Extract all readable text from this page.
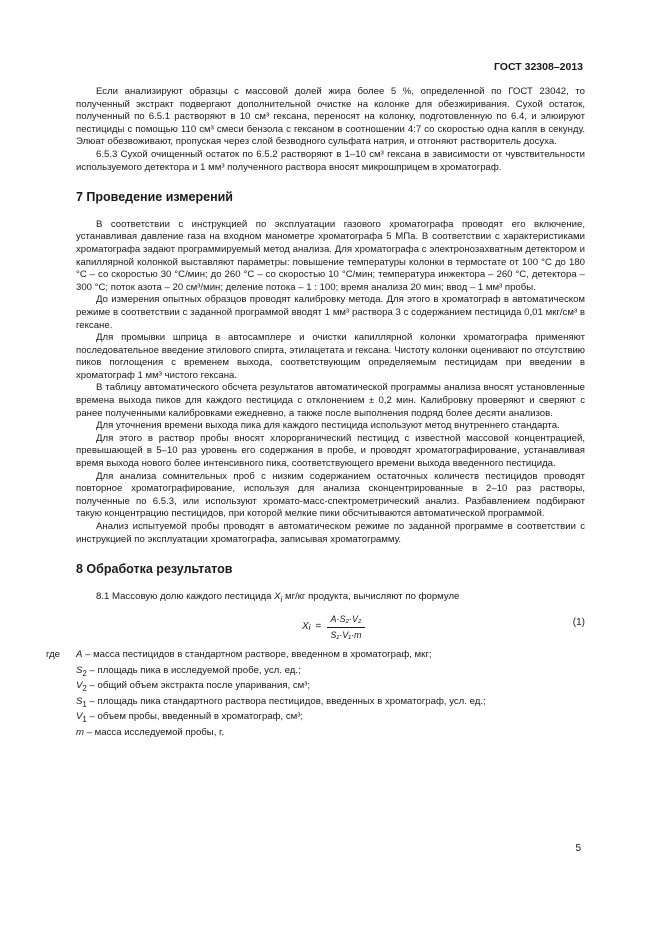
ГОСТ 32308–2013

Если анализируют образцы с массовой долей жира более 5 %, определенной по ГОСТ 23042, то полученный экстракт подвергают дополнительной очистке на колонке для обезжиривания. Сухой остаток, полученный по 6.5.1 растворяют в 10 см³ гексана, переносят на колонку, подготовленную по 6.4, и элюируют пестициды с помощью 110 см³ смеси бензола с гексаном в соотношении 4:7 со скоростью одна капля в секунду. Элюат обезвоживают, пропуская через слой безводного сульфата натрия, и отгоняют растворитель досуха.

6.5.3 Сухой очищенный остаток по 6.5.2 растворяют в 1–10 см³ гексана в зависимости от чувствительности используемого детектора и 1 мм³ полученного раствора вносят микрошприцем в хроматограф.

7 Проведение измерений

В соответствии с инструкцией по эксплуатации газового хроматографа проводят его включение, устанавливая давление газа на входном манометре хроматографа 5 МПа. В соответствии с характеристиками хроматографа задают программируемый метод анализа. Для хроматографа с электронозахватным детектором и капиллярной колонкой выставляют параметры: повышение температуры колонки в термостате от 100 °С до 180 °С – со скоростью 30 °С/мин; до 260 °С – со скоростью 10 °С/мин; температура инжектора – 260 °С, детектора – 300 °С; поток азота – 20 см³/мин; деление потока – 1 : 100; время анализа 20 мин; ввод – 1 мм³ пробы.

До измерения опытных образцов проводят калибровку метода. Для этого в хроматограф в автоматическом режиме в соответствии с заданной программой вводят 1 мм³ раствора 3 с содержанием пестицида 0,01 мкг/см³ в гексане.

Для промывки шприца в автосамплере и очистки капиллярной колонки хроматографа применяют последовательное введение этилового спирта, этилацетата и гексана. Чистоту колонки оценивают по отсутствию пиков поглощения с временем выхода, соответствующим определяемым пестицидам при введении в хроматограф 1 мм³ чистого гексана.

В таблицу автоматического обсчета результатов автоматической программы анализа вносят установленные времена выхода пиков для каждого пестицида с отклонением ± 0,2 мин. Калибровку проверяют и сверяют с ранее полученными калибровками ежедневно, а также после выполнения подряд более десяти анализов.

Для уточнения времени выхода пика для каждого пестицида используют метод внутреннего стандарта.

Для этого в раствор пробы вносят хлорорганический пестицид с известной массовой концентрацией, превышающей в 5–10 раз уровень его содержания в пробе, и проводят хроматографирование, устанавливая время выхода нового более интенсивного пика, соответствующего времени выхода введенного пестицида.

Для анализа сомнительных проб с низким содержанием остаточных количеств пестицидов проводят повторное хроматографирование, используя для анализа сконцентрированные в 2–10 раз растворы, полученные по 6.5.3, или используют хромато-масс-спектрометрический анализ. Разбавлением подбирают такую концентрацию пестицидов, при которой мелкие пики обсчитываются автоматической программой.

Анализ испытуемой пробы проводят в автоматическом режиме по заданной программе в соответствии с инструкцией по эксплуатации хроматографа, записывая хроматограмму.

8 Обработка результатов

8.1 Массовую долю каждого пестицида $X_i$ мг/кг продукта, вычисляют по формуле

X $i = \frac{\text{A·S₂·V₂}}{\text{S₁·V₁·m}}$	(1)
где	A – масса пестицидов в стандартном растворе, введенном в хроматограф, мкг;
$S_2$ – площадь пика в исследуемой пробе, усл. ед.;
$V_2$ – общий объем экстракта после упаривания, см³;
$S_1$ – площадь пика стандартного раствора пестицидов, введенных в хроматограф, усл. ед.;
$V_1$ – объем пробы, введенный в хроматограф, см³;
m – масса исследуемой пробы, г.
5
